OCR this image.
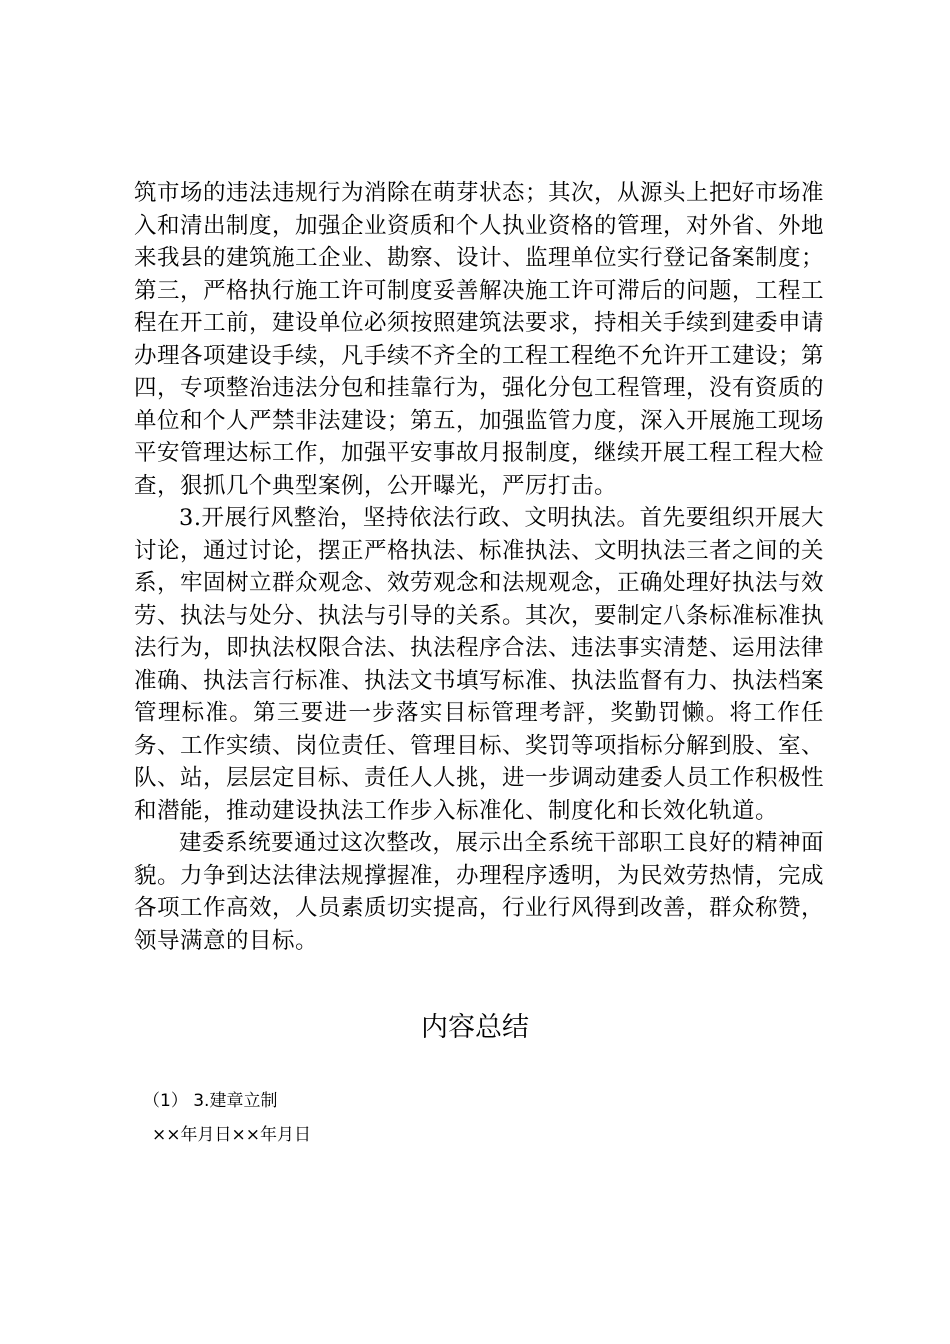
筑市场的违法违规行为消除在萌芽状态；其次，从源头上把好市场准入和清出制度，加强企业资质和个人执业资格的管理，对外省、外地来我县的建筑施工企业、勘察、设计、监理单位实行登记备案制度；第三，严格执行施工许可制度妥善解决施工许可滞后的问题，工程工程在开工前，建设单位必须按照建筑法要求，持相关手续到建委申请办理各项建设手续，凡手续不齐全的工程工程绝不允许开工建设；第四，专项整治违法分包和挂靠行为，强化分包工程管理，没有资质的单位和个人严禁非法建设；第五，加强监管力度，深入开展施工现场平安管理达标工作，加强平安事故月报制度，继续开展工程工程大检查，狠抓几个典型案例，公开曝光，严厉打击。

3.开展行风整治，坚持依法行政、文明执法。首先要组织开展大讨论，通过讨论，摆正严格执法、标准执法、文明执法三者之间的关系，牢固树立群众观念、效劳观念和法规观念，正确处理好执法与效劳、执法与处分、执法与引导的关系。其次，要制定八条标准标准执法行为，即执法权限合法、执法程序合法、违法事实清楚、运用法律准确、执法言行标准、执法文书填写标准、执法监督有力、执法档案管理标准。第三要进一步落实目标管理考評，奖勤罚懒。将工作任务、工作实绩、岗位责任、管理目标、奖罚等项指标分解到股、室、队、站，层层定目标、责任人人挑，进一步调动建委人员工作积极性和潜能，推动建设执法工作步入标准化、制度化和长效化轨道。

建委系统要通过这次整改，展示出全系统干部职工良好的精神面貌。力争到达法律法规撑握准，办理程序透明，为民效劳热情，完成各项工作高效，人员素质切实提高，行业行风得到改善，群众称赞，领导满意的目标。

内容总结
（1） 3.建章立制
××年月日××年月日
